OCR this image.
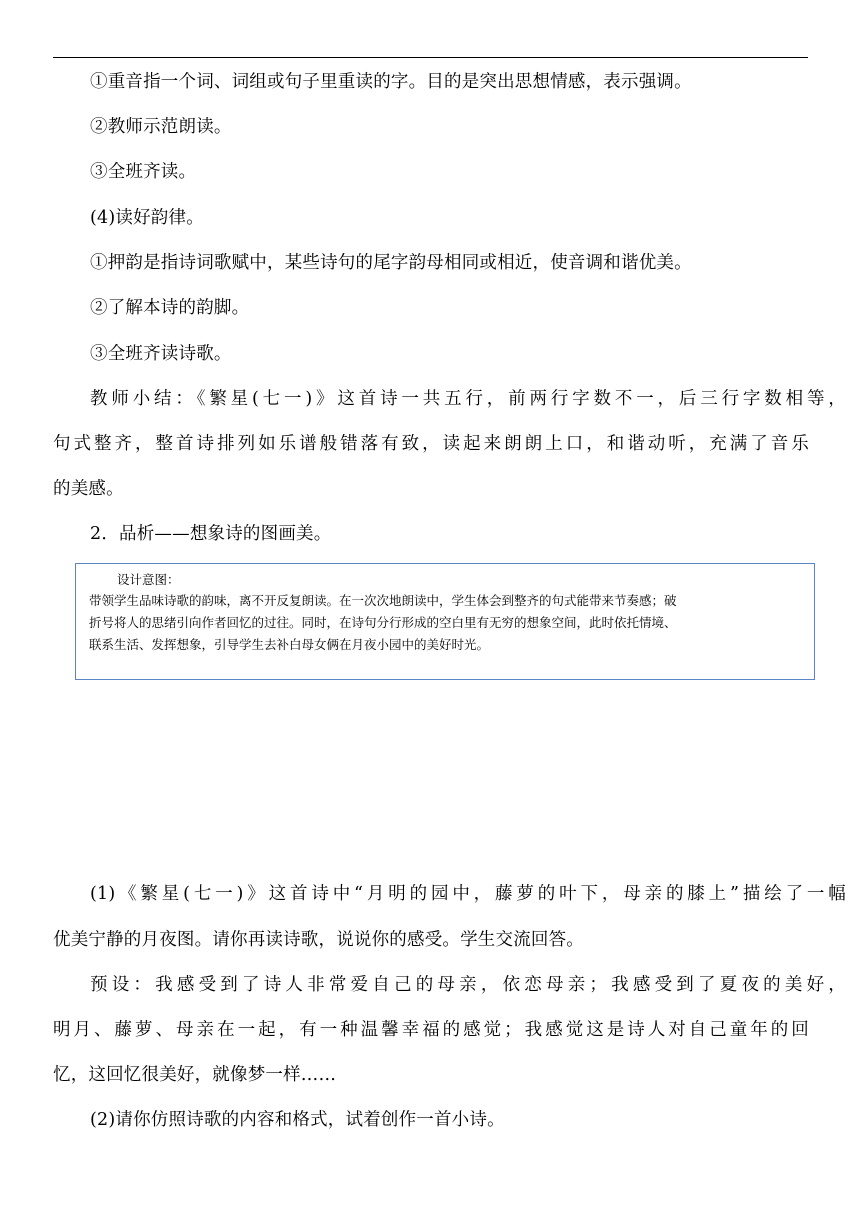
①重音指一个词、词组或句子里重读的字。目的是突出思想情感，表示强调。
②教师示范朗读。
③全班齐读。
(4)读好韵律。
①押韵是指诗词歌赋中，某些诗句的尾字韵母相同或相近，使音调和谐优美。
②了解本诗的韵脚。
③全班齐读诗歌。
教师小结：《繁星(七一)》这首诗一共五行，前两行字数不一，后三行字数相等，
句式整齐，整首诗排列如乐谱般错落有致，读起来朗朗上口，和谐动听，充满了音乐
的美感。
2．品析——想象诗的图画美。
设计意图：
带领学生品味诗歌的韵味，离不开反复朗读。在一次次地朗读中，学生体会到整齐的句式能带来节奏感；破
折号将人的思绪引向作者回忆的过往。同时，在诗句分行形成的空白里有无穷的想象空间，此时依托情境、
联系生活、发挥想象，引导学生去补白母女俩在月夜小园中的美好时光。
(1)《繁星(七一)》这首诗中“月明的园中，藤萝的叶下，母亲的膝上”描绘了一幅
优美宁静的月夜图。请你再读诗歌，说说你的感受。学生交流回答。
预设：我感受到了诗人非常爱自己的母亲，依恋母亲；我感受到了夏夜的美好，
明月、藤萝、母亲在一起，有一种温馨幸福的感觉；我感觉这是诗人对自己童年的回
忆，这回忆很美好，就像梦一样……
(2)请你仿照诗歌的内容和格式，试着创作一首小诗。
